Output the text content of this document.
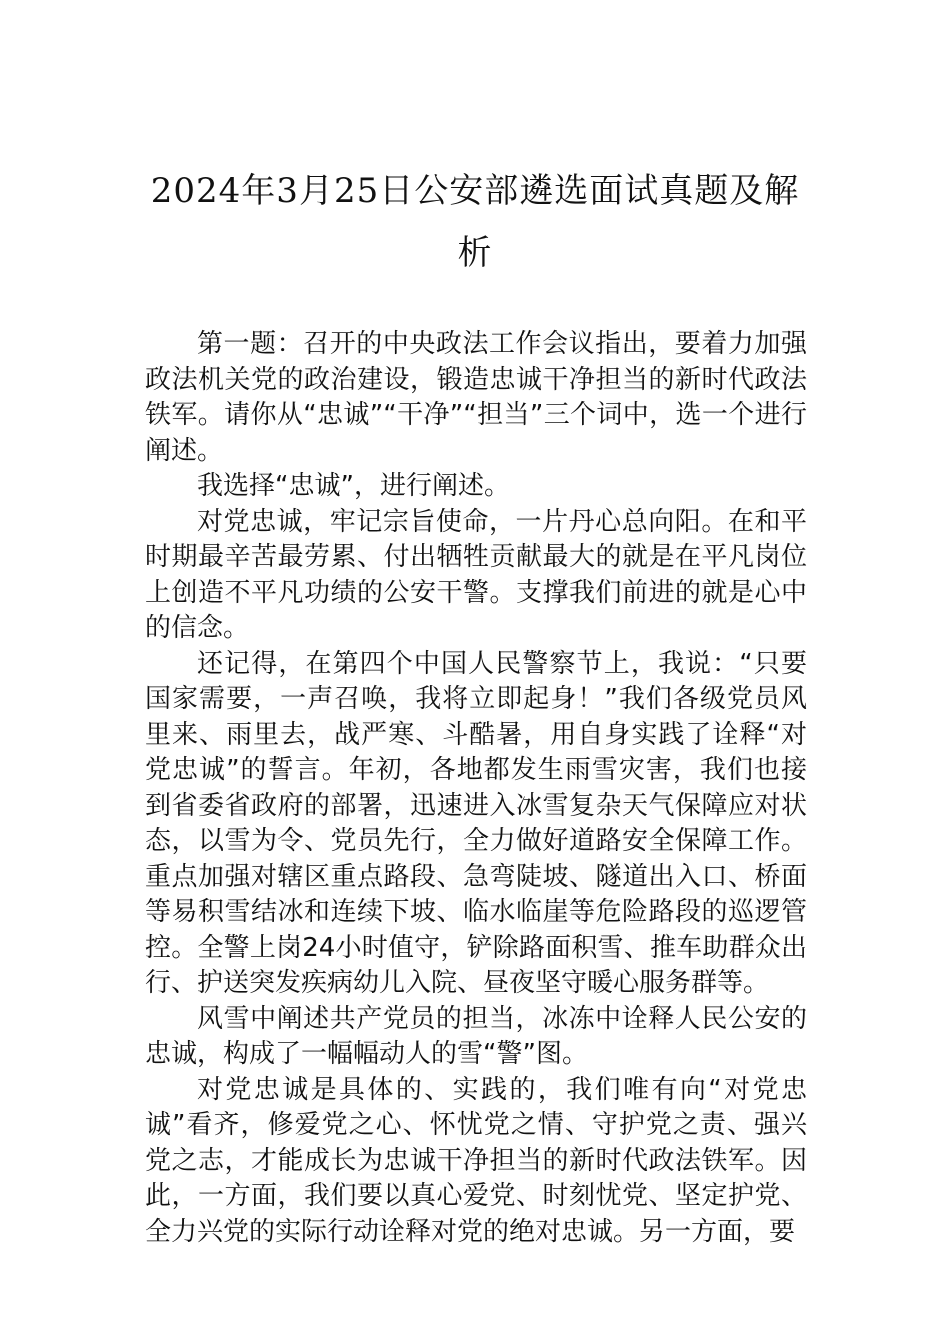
2024年3月25日公安部遴选面试真题及解析

第一题：召开的中央政法工作会议指出，要着力加强政法机关党的政治建设，锻造忠诚干净担当的新时代政法铁军。请你从“忠诚”“干净”“担当”三个词中，选一个进行阐述。

我选择“忠诚”，进行阐述。

对党忠诚，牢记宗旨使命，一片丹心总向阳。在和平时期最辛苦最劳累、付出牺牲贡献最大的就是在平凡岗位上创造不平凡功绩的公安干警。支撑我们前进的就是心中的信念。

还记得，在第四个中国人民警察节上，我说：“只要国家需要，一声召唤，我将立即起身！”我们各级党员风里来、雨里去，战严寒、斗酷暑，用自身实践了诠释“对党忠诚”的誓言。年初，各地都发生雨雪灾害，我们也接到省委省政府的部署，迅速进入冰雪复杂天气保障应对状态，以雪为令、党员先行，全力做好道路安全保障工作。重点加强对辖区重点路段、急弯陡坡、隧道出入口、桥面等易积雪结冰和连续下坡、临水临崖等危险路段的巡逻管控。全警上岗24小时值守，铲除路面积雪、推车助群众出行、护送突发疾病幼儿入院、昼夜坚守暖心服务群等。

风雪中阐述共产党员的担当，冰冻中诠释人民公安的忠诚，构成了一幅幅动人的雪“警”图。

对党忠诚是具体的、实践的，我们唯有向“对党忠诚”看齐，修爱党之心、怀忧党之情、守护党之责、强兴党之志，才能成长为忠诚干净担当的新时代政法铁军。因此，一方面，我们要以真心爱党、时刻忧党、坚定护党、全力兴党的实际行动诠释对党的绝对忠诚。另一方面，要
